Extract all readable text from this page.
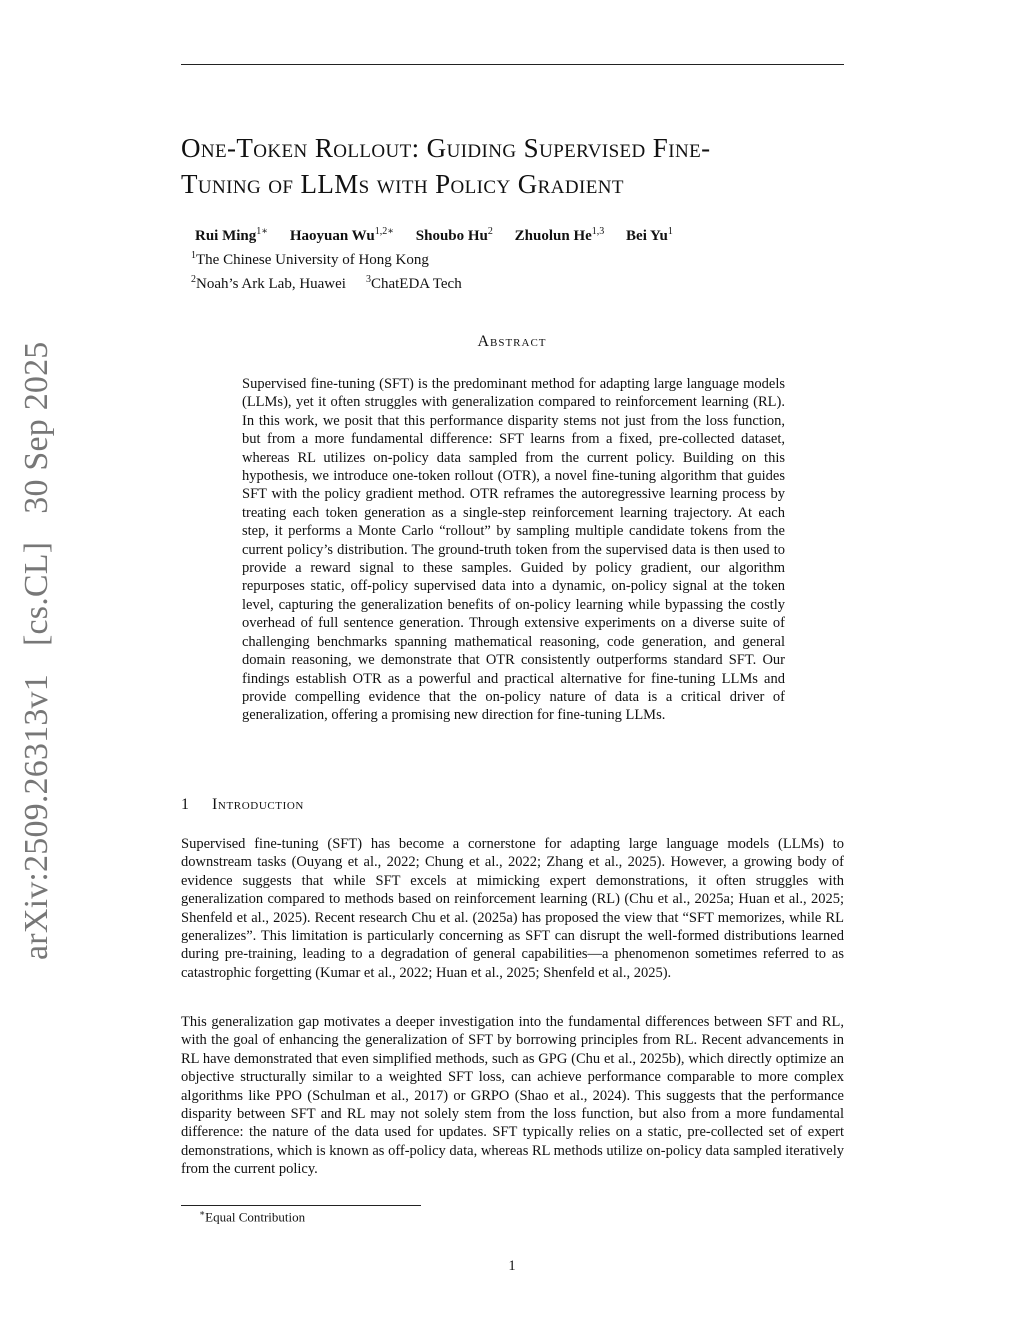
arXiv:2509.26313v1[cs.CL]30 Sep 2025
One-Token Rollout: Guiding Supervised Fine-
Tuning of LLMs with Policy Gradient
Rui Ming$^{1∗}$ Haoyuan $Wu^{1,2∗}$ Shoubo Hu$^2$ Zhuolun He$^{1,3}$ Bei Yu$^1$
$^1$The Chinese University of Hong Kong
$^2$Noah’s Ark Lab, Huawei $^3$ChatEDA Tech
Abstract
Supervised fine-tuning (SFT) is the predominant method for adapting large language models (LLMs), yet it often struggles with generalization compared to reinforcement learning (RL). In this work, we posit that this performance disparity stems not just from the loss function, but from a more fundamental difference: SFT learns from a fixed, pre-collected dataset, whereas RL utilizes on-policy data sampled from the current policy. Building on this hypothesis, we introduce one-token rollout (OTR), a novel fine-tuning algorithm that guides SFT with the policy gradient method. OTR reframes the autoregressive learning process by treating each token generation as a single-step reinforcement learning trajectory. At each step, it performs a Monte Carlo “rollout” by sampling multiple candidate tokens from the current policy’s distribution. The ground-truth token from the supervised data is then used to provide a reward signal to these samples. Guided by policy gradient, our algorithm repurposes static, off-policy supervised data into a dynamic, on-policy signal at the token level, capturing the generalization benefits of on-policy learning while bypassing the costly overhead of full sentence generation. Through extensive experiments on a diverse suite of challenging benchmarks spanning mathematical reasoning, code generation, and general domain reasoning, we demonstrate that OTR consistently outperforms standard SFT. Our findings establish OTR as a powerful and practical alternative for fine-tuning LLMs and provide compelling evidence that the on-policy nature of data is a critical driver of generalization, offering a promising new direction for fine-tuning LLMs.
1 Introduction
Supervised fine-tuning (SFT) has become a cornerstone for adapting large language models (LLMs) to downstream tasks (Ouyang et al., 2022; Chung et al., 2022; Zhang et al., 2025). However, a growing body of evidence suggests that while SFT excels at mimicking expert demonstrations, it often struggles with generalization compared to methods based on reinforcement learning (RL) (Chu et al., 2025a; Huan et al., 2025; Shenfeld et al., 2025). Recent research Chu et al. (2025a) has proposed the view that “SFT memorizes, while RL generalizes”. This limitation is particularly concerning as SFT can disrupt the well-formed distributions learned during pre-training, leading to a degradation of general capabilities—a phenomenon sometimes referred to as catastrophic forgetting (Kumar et al., 2022; Huan et al., 2025; Shenfeld et al., 2025).
This generalization gap motivates a deeper investigation into the fundamental differences between SFT and RL, with the goal of enhancing the generalization of SFT by borrowing principles from RL. Recent advancements in RL have demonstrated that even simplified methods, such as GPG (Chu et al., 2025b), which directly optimize an objective structurally similar to a weighted SFT loss, can achieve performance comparable to more complex algorithms like PPO (Schulman et al., 2017) or GRPO (Shao et al., 2024). This suggests that the performance disparity between SFT and RL may not solely stem from the loss function, but also from a more fundamental difference: the nature of the data used for updates. SFT typically relies on a static, pre-collected set of expert demonstrations, which is known as off-policy data, whereas RL methods utilize on-policy data sampled iteratively from the current policy.
∗Equal Contribution
1
